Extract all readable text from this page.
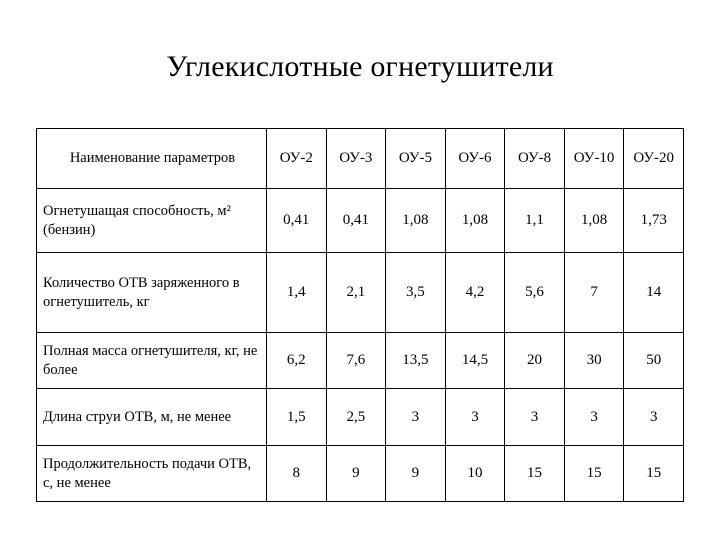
Углекислотные огнетушители
Наименование параметров	ОУ-2	ОУ-3	ОУ-5	ОУ-6	ОУ-8	ОУ-10	ОУ-20
Огнетушащая способность, м² (бензин)	0,41	0,41	1,08	1,08	1,1	1,08	1,73
Количество ОТВ заряженного в огнетушитель, кг	1,4	2,1	3,5	4,2	5,6	7	14
Полная масса огнетушителя, кг, не более	6,2	7,6	13,5	14,5	20	30	50
Длина струи ОТВ, м, не менее	1,5	2,5	3	3	3	3	3
Продолжительность подачи ОТВ, с, не менее	8	9	9	10	15	15	15
